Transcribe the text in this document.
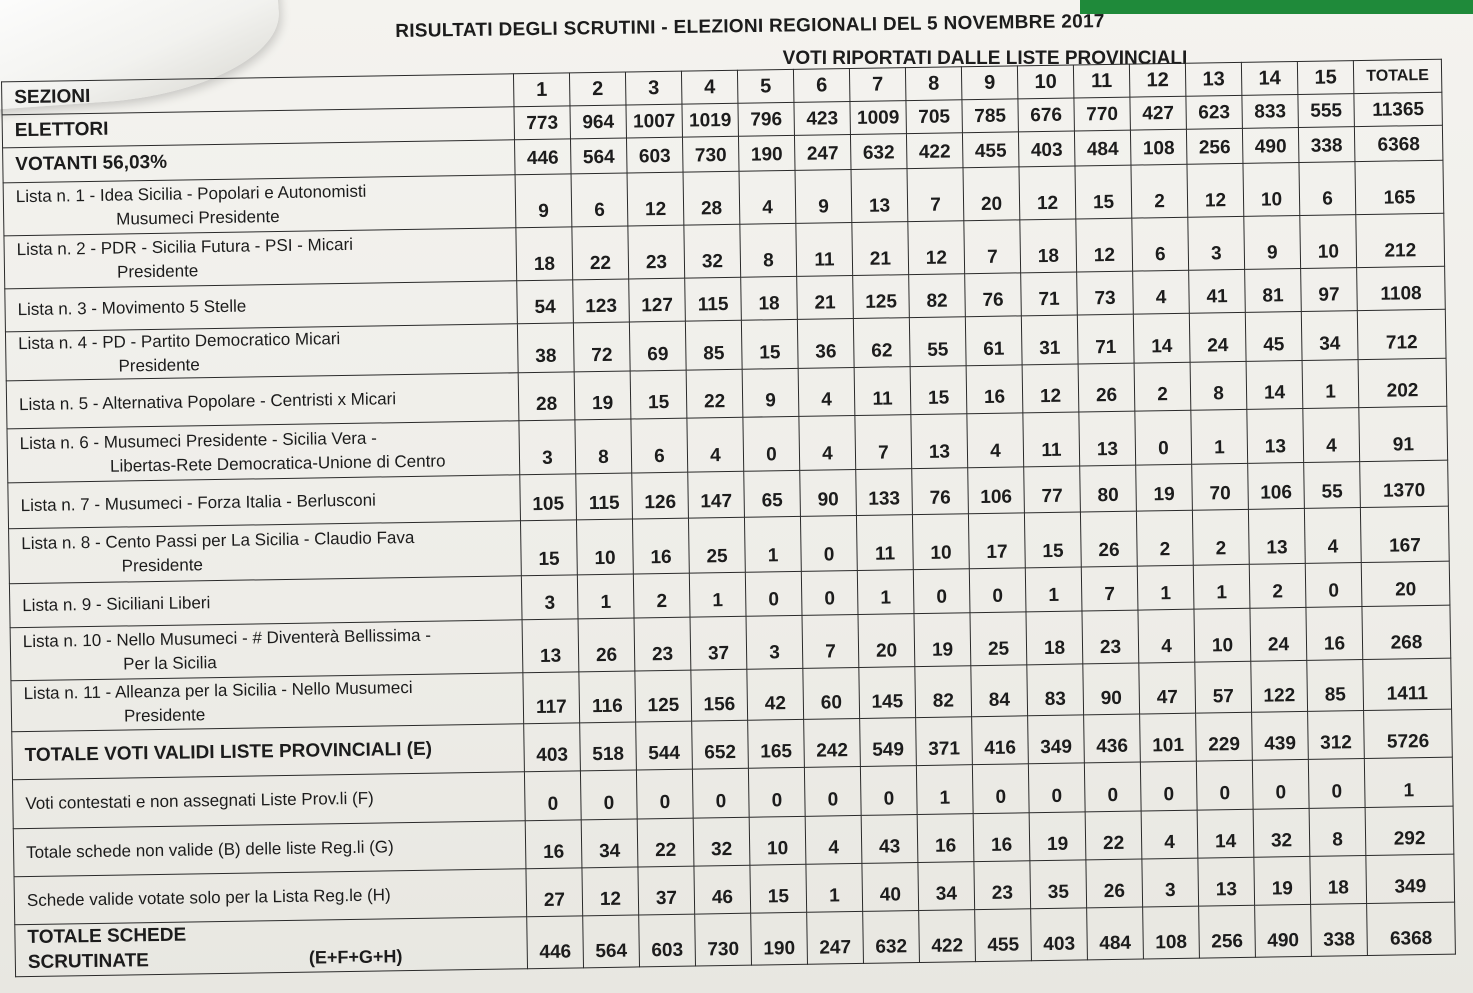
RISULTATI DEGLI SCRUTINI - ELEZIONI REGIONALI DEL 5 NOVEMBRE 2017
VOTI RIPORTATI DALLE LISTE PROVINCIALI
SEZIONI	1	2	3	4	5	6	7	8	9	10	11	12	13	14	15	TOTALE
ELETTORI	773	964	1007	1019	796	423	1009	705	785	676	770	427	623	833	555	11365
VOTANTI 56,03%	446	564	603	730	190	247	632	422	455	403	484	108	256	490	338	6368
Lista n. 1 - Idea Sicilia - Popolari e Autonomisti
Musumeci Presidente	9	6	12	28	4	9	13	7	20	12	15	2	12	10	6	165
Lista n. 2 - PDR - Sicilia Futura - PSI - Micari
Presidente	18	22	23	32	8	11	21	12	7	18	12	6	3	9	10	212
Lista n. 3 - Movimento 5 Stelle	54	123	127	115	18	21	125	82	76	71	73	4	41	81	97	1108
Lista n. 4 - PD - Partito Democratico Micari
Presidente	38	72	69	85	15	36	62	55	61	31	71	14	24	45	34	712
Lista n. 5 - Alternativa Popolare - Centristi x Micari	28	19	15	22	9	4	11	15	16	12	26	2	8	14	1	202
Lista n. 6 - Musumeci Presidente - Sicilia Vera -
Libertas-Rete Democratica-Unione di Centro	3	8	6	4	0	4	7	13	4	11	13	0	1	13	4	91
Lista n. 7 - Musumeci - Forza Italia - Berlusconi	105	115	126	147	65	90	133	76	106	77	80	19	70	106	55	1370
Lista n. 8 - Cento Passi per La Sicilia - Claudio Fava
Presidente	15	10	16	25	1	0	11	10	17	15	26	2	2	13	4	167
Lista n. 9 - Siciliani Liberi	3	1	2	1	0	0	1	0	0	1	7	1	1	2	0	20
Lista n. 10 - Nello Musumeci - # Diventerà Bellissima -
Per la Sicilia	13	26	23	37	3	7	20	19	25	18	23	4	10	24	16	268
Lista n. 11 - Alleanza per la Sicilia - Nello Musumeci
Presidente	117	116	125	156	42	60	145	82	84	83	90	47	57	122	85	1411
TOTALE VOTI VALIDI LISTE PROVINCIALI (E)	403	518	544	652	165	242	549	371	416	349	436	101	229	439	312	5726
Voti contestati e non assegnati Liste Prov.li (F)	0	0	0	0	0	0	0	1	0	0	0	0	0	0	0	1
Totale schede non valide (B) delle liste Reg.li (G)	16	34	22	32	10	4	43	16	16	19	22	4	14	32	8	292
Schede valide votate solo per la Lista Reg.le (H)	27	12	37	46	15	1	40	34	23	35	26	3	13	19	18	349
TOTALE SCHEDE SCRUTINATE (E+F+G+H)	446	564	603	730	190	247	632	422	455	403	484	108	256	490	338	6368
